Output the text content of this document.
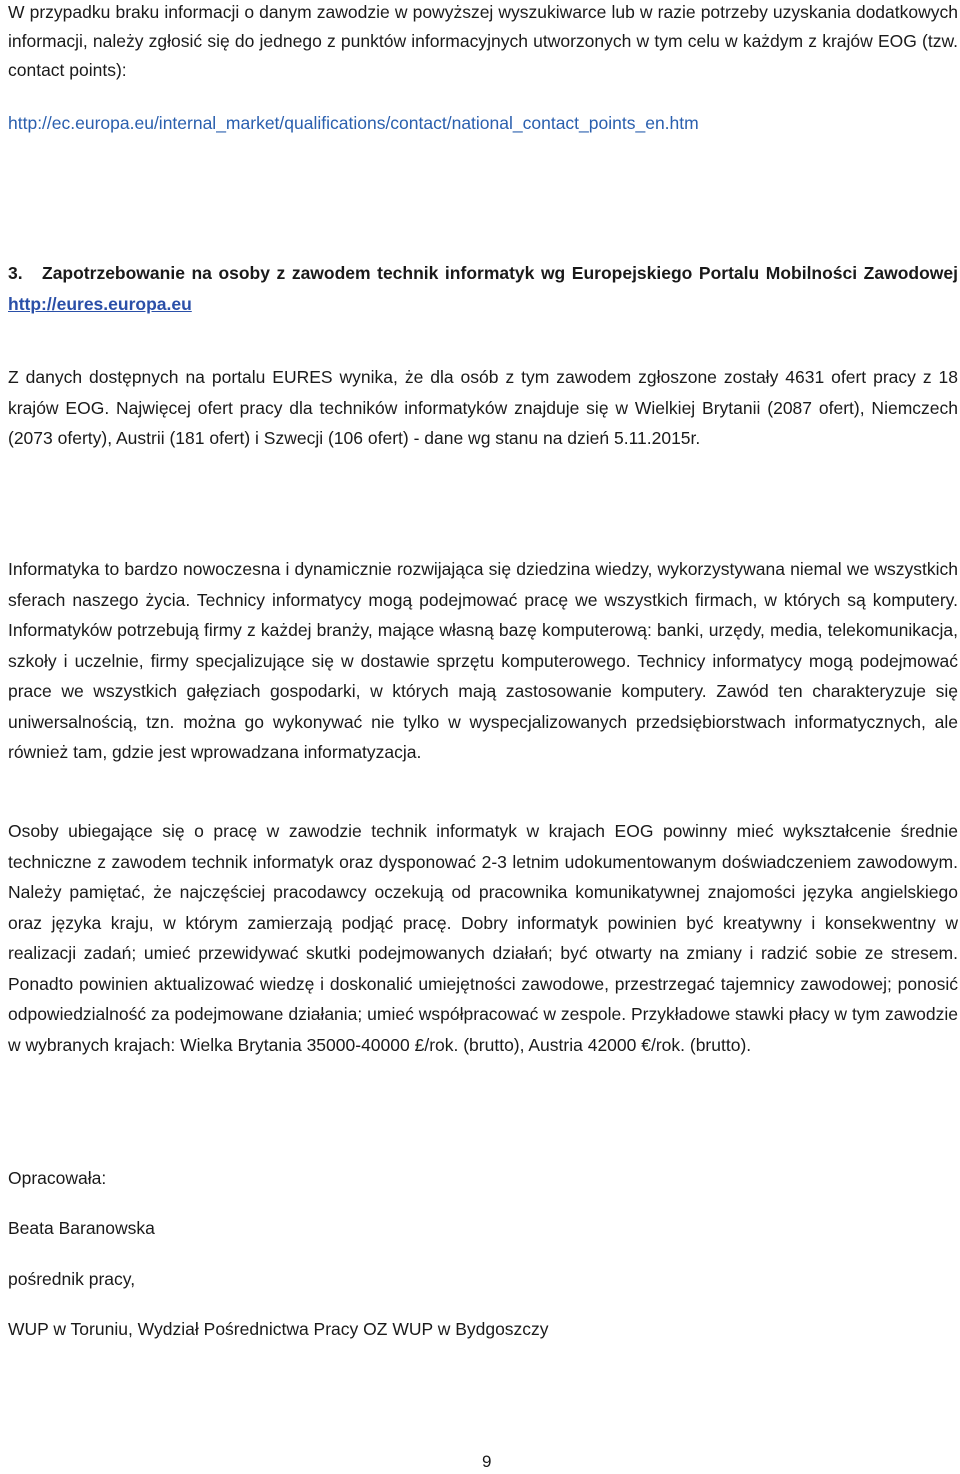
W przypadku braku informacji o danym zawodzie w powyższej wyszukiwarce lub w razie potrzeby uzyskania dodatkowych informacji, należy zgłosić się do jednego z punktów informacyjnych utworzonych w tym celu w każdym z krajów EOG (tzw. contact points):

http://ec.europa.eu/internal_market/qualifications/contact/national_contact_points_en.htm
3. Zapotrzebowanie na osoby z zawodem technik informatyk wg Europejskiego Portalu Mobilności Zawodowej http://eures.europa.eu

Z danych dostępnych na portalu EURES wynika, że dla osób z tym zawodem zgłoszone zostały 4631 ofert pracy z 18 krajów EOG. Najwięcej ofert pracy dla techników informatyków znajduje się w Wielkiej Brytanii (2087 ofert), Niemczech (2073 oferty), Austrii (181 ofert) i Szwecji (106 ofert) - dane wg stanu na dzień 5.11.2015r.

Informatyka to bardzo nowoczesna i dynamicznie rozwijająca się dziedzina wiedzy, wykorzystywana niemal we wszystkich sferach naszego życia. Technicy informatycy mogą podejmować pracę we wszystkich firmach, w których są komputery. Informatyków potrzebują firmy z każdej branży, mające własną bazę komputerową: banki, urzędy, media, telekomunikacja, szkoły i uczelnie, firmy specjalizujące się w dostawie sprzętu komputerowego. Technicy informatycy mogą podejmować prace we wszystkich gałęziach gospodarki, w których mają zastosowanie komputery. Zawód ten charakteryzuje się uniwersalnością, tzn. można go wykonywać nie tylko w wyspecjalizowanych przedsiębiorstwach informatycznych, ale również tam, gdzie jest wprowadzana informatyzacja.

Osoby ubiegające się o pracę w zawodzie technik informatyk w krajach EOG powinny mieć wykształcenie średnie techniczne z zawodem technik informatyk oraz dysponować 2-3 letnim udokumentowanym doświadczeniem zawodowym. Należy pamiętać, że najczęściej pracodawcy oczekują od pracownika komunikatywnej znajomości języka angielskiego oraz języka kraju, w którym zamierzają podjąć pracę. Dobry informatyk powinien być kreatywny i konsekwentny w realizacji zadań; umieć przewidywać skutki podejmowanych działań; być otwarty na zmiany i radzić sobie ze stresem. Ponadto powinien aktualizować wiedzę i doskonalić umiejętności zawodowe, przestrzegać tajemnicy zawodowej; ponosić odpowiedzialność za podejmowane działania; umieć współpracować w zespole. Przykładowe stawki płacy w tym zawodzie w wybranych krajach: Wielka Brytania 35000-40000 £/rok. (brutto), Austria 42000 €/rok. (brutto).

Opracowała:
Beata Baranowska
pośrednik pracy,
WUP w Toruniu, Wydział Pośrednictwa Pracy OZ WUP w Bydgoszczy
9
